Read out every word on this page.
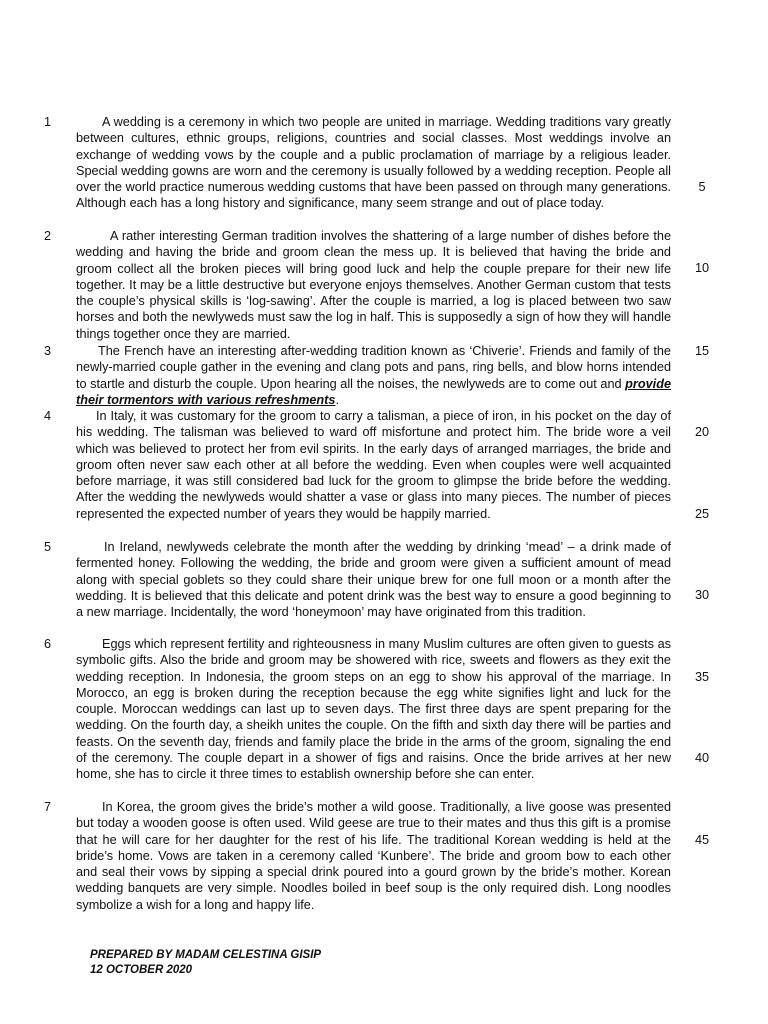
1	A wedding is a ceremony in which two people are united in marriage. Wedding traditions vary greatly between cultures, ethnic groups, religions, countries and social classes. Most weddings involve an exchange of wedding vows by the couple and a public proclamation of marriage by a religious leader. Special wedding gowns are worn and the ceremony is usually followed by a wedding reception. People all over the world practice numerous wedding customs that have been passed on through many generations. Although each has a long history and significance, many seem strange and out of place today.

2	A rather interesting German tradition involves the shattering of a large number of dishes before the wedding and having the bride and groom clean the mess up. It is believed that having the bride and groom collect all the broken pieces will bring good luck and help the couple prepare for their new life together. It may be a little destructive but everyone enjoys themselves. Another German custom that tests the couple’s physical skills is ‘log-sawing’. After the couple is married, a log is placed between two saw horses and both the newlyweds must saw the log in half. This is supposedly a sign of how they will handle things together once they are married.

3	The French have an interesting after-wedding tradition known as ‘Chiverie’. Friends and family of the newly-married couple gather in the evening and clang pots and pans, ring bells, and blow horns intended to startle and disturb the couple. Upon hearing all the noises, the newlyweds are to come out and provide their tormentors with various refreshments.

4	In Italy, it was customary for the groom to carry a talisman, a piece of iron, in his pocket on the day of his wedding. The talisman was believed to ward off misfortune and protect him. The bride wore a veil which was believed to protect her from evil spirits. In the early days of arranged marriages, the bride and groom often never saw each other at all before the wedding. Even when couples were well acquainted before marriage, it was still considered bad luck for the groom to glimpse the bride before the wedding. After the wedding the newlyweds would shatter a vase or glass into many pieces. The number of pieces represented the expected number of years they would be happily married.

5	In Ireland, newlyweds celebrate the month after the wedding by drinking ‘mead’ – a drink made of fermented honey. Following the wedding, the bride and groom were given a sufficient amount of mead along with special goblets so they could share their unique brew for one full moon or a month after the wedding. It is believed that this delicate and potent drink was the best way to ensure a good beginning to a new marriage. Incidentally, the word ‘honeymoon’ may have originated from this tradition.

6	Eggs which represent fertility and righteousness in many Muslim cultures are often given to guests as symbolic gifts. Also the bride and groom may be showered with rice, sweets and flowers as they exit the wedding reception. In Indonesia, the groom steps on an egg to show his approval of the marriage. In Morocco, an egg is broken during the reception because the egg white signifies light and luck for the couple. Moroccan weddings can last up to seven days. The first three days are spent preparing for the wedding. On the fourth day, a sheikh unites the couple. On the fifth and sixth day there will be parties and feasts. On the seventh day, friends and family place the bride in the arms of the groom, signaling the end of the ceremony. The couple depart in a shower of figs and raisins. Once the bride arrives at her new home, she has to circle it three times to establish ownership before she can enter.

7	In Korea, the groom gives the bride’s mother a wild goose. Traditionally, a live goose was presented but today a wooden goose is often used. Wild geese are true to their mates and thus this gift is a promise that he will care for her daughter for the rest of his life. The traditional Korean wedding is held at the bride’s home. Vows are taken in a ceremony called ‘Kunbere’. The bride and groom bow to each other and seal their vows by sipping a special drink poured into a gourd grown by the bride’s mother. Korean wedding banquets are very simple. Noodles boiled in beef soup is the only required dish. Long noodles symbolize a wish for a long and happy life.

5
10
15
20
25
30
35
40
45
PREPARED BY MADAM CELESTINA GISIP
12 OCTOBER 2020
